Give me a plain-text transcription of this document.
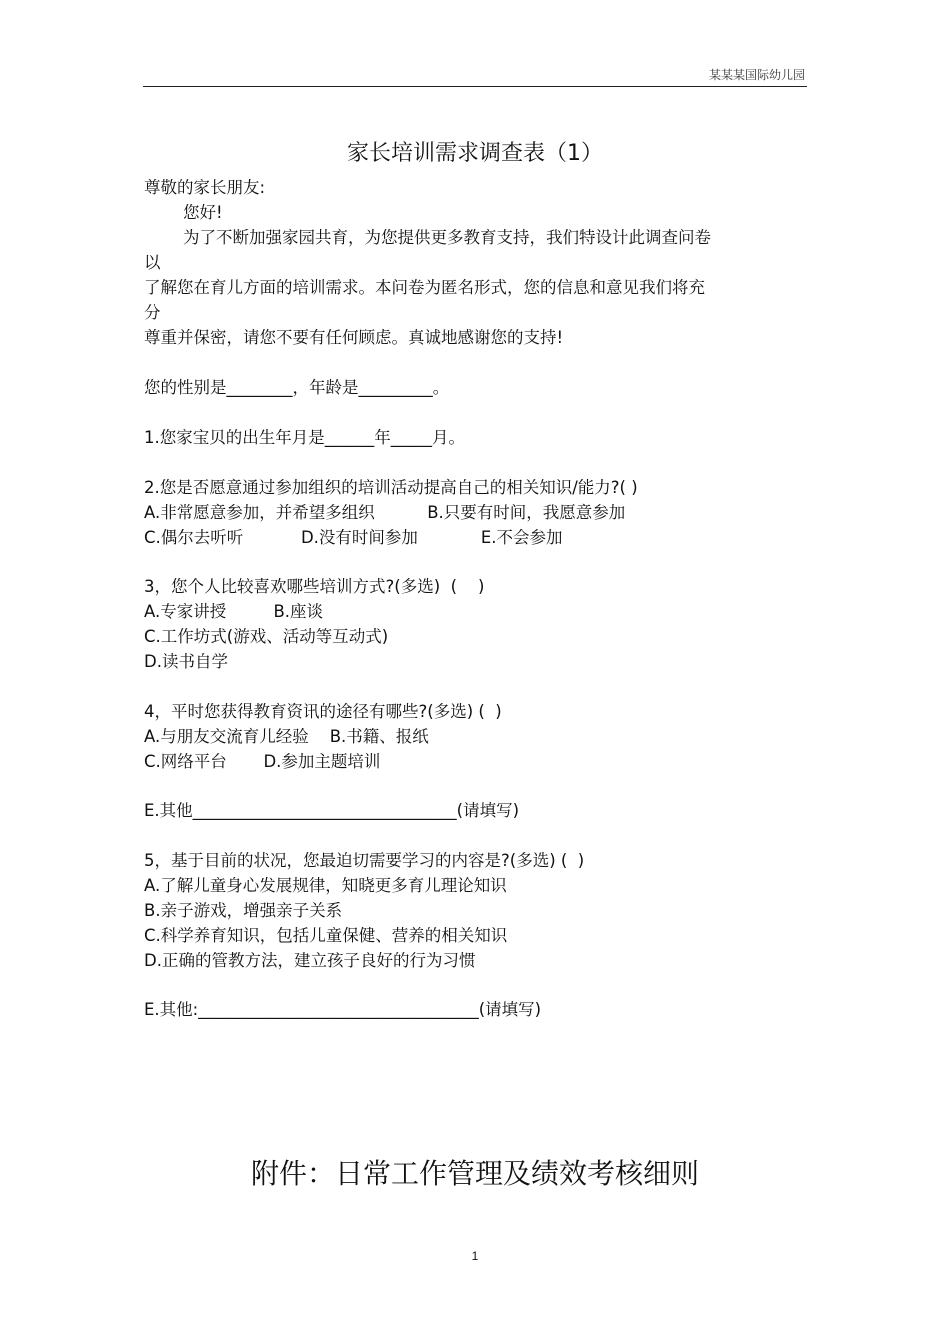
某某某国际幼儿园
家长培训需求调查表（1）
尊敬的家长朋友:
您好!
为了不断加强家园共育，为您提供更多教育支持，我们特设计此调查问卷
以
了解您在育儿方面的培训需求。本问卷为匿名形式，您的信息和意见我们将充
分
尊重并保密，请您不要有任何顾虑。真诚地感谢您的支持!
您的性别是________，年龄是_________。
1.您家宝贝的出生年月是______年_____月。
2.您是否愿意通过参加组织的培训活动提高自己的相关知识/能力?( )
A.非常愿意参加，并希望多组织          B.只要有时间，我愿意参加
C.偶尔去听听           D.没有时间参加            E.不会参加
3，您个人比较喜欢哪些培训方式?(多选)  (    )
A.专家讲授         B.座谈
C.工作坊式(游戏、活动等互动式)
D.读书自学
4，平时您获得教育资讯的途径有哪些?(多选) (  )
A.与朋友交流育儿经验    B.书籍、报纸
C.网络平台       D.参加主题培训
E.其他________________________________(请填写)
5，基于目前的状况，您最迫切需要学习的内容是?(多选) (  )
A.了解儿童身心发展规律，知晓更多育儿理论知识
B.亲子游戏，增强亲子关系
C.科学养育知识，包括儿童保健、营养的相关知识
D.正确的管教方法，建立孩子良好的行为习惯
E.其他:__________________________________(请填写)
附件：日常工作管理及绩效考核细则
1
